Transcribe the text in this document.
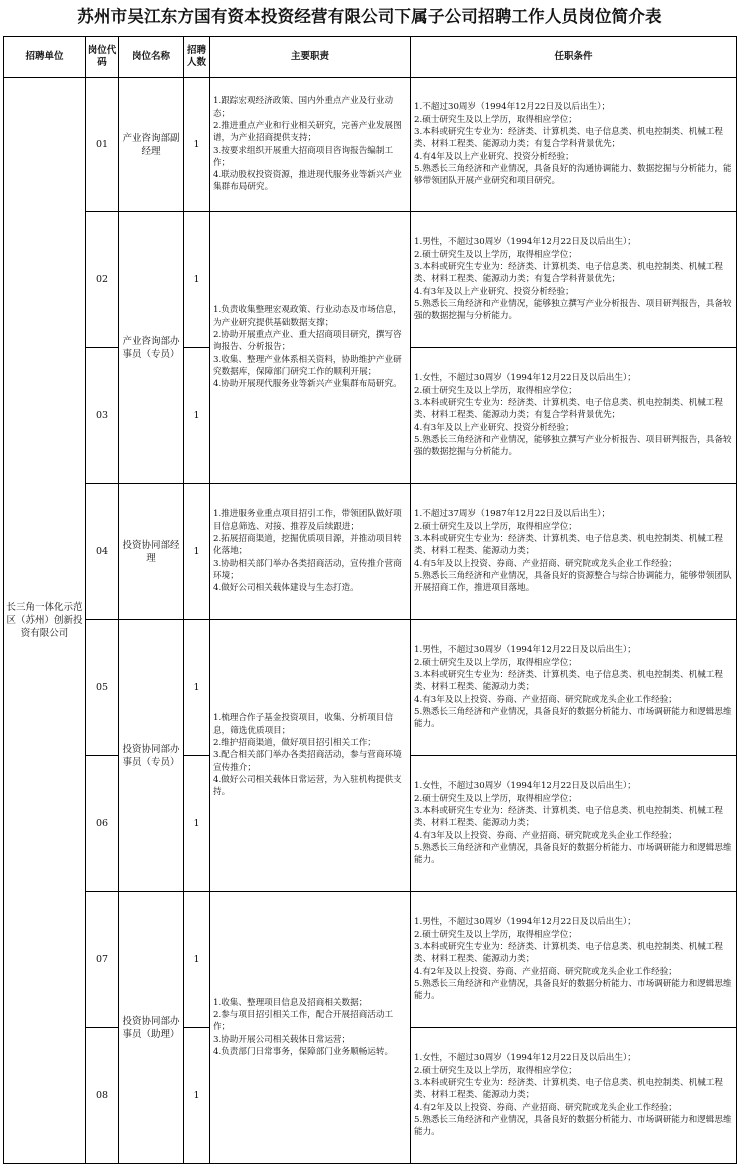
苏州市吴江东方国有资本投资经营有限公司下属子公司招聘工作人员岗位简介表
招聘单位	岗位代码	岗位名称	招聘人数	主要职责	任职条件
长三角一体化示范区（苏州）创新投资有限公司	01	产业咨询部副经理	1	1.跟踪宏观经济政策、国内外重点产业及行业动态；
2.推进重点产业和行业相关研究，完善产业发展图谱，为产业招商提供支持；
3.按要求组织开展重大招商项目咨询报告编制工作；
4.联动股权投资资源，推进现代服务业等新兴产业集群布局研究。	1.不超过30周岁（1994年12月22日及以后出生）；
2.硕士研究生及以上学历，取得相应学位；
3.本科或研究生专业为：经济类、计算机类、电子信息类、机电控制类、机械工程类、材料工程类、能源动力类；有复合学科背景优先；
4.有4年及以上产业研究、投资分析经验；
5.熟悉长三角经济和产业情况，具备良好的沟通协调能力、数据挖掘与分析能力，能够带领团队开展产业研究和项目研究。

	02	产业咨询部办事员（专员）	1	1.负责收集整理宏观政策、行业动态及市场信息，为产业研究提供基础数据支撑；
2.协助开展重点产业、重大招商项目研究，撰写咨询报告、分析报告；
3.收集、整理产业体系相关资料，协助维护产业研究数据库，保障部门研究工作的顺利开展；
4.协助开展现代服务业等新兴产业集群布局研究。	1.男性，不超过30周岁（1994年12月22日及以后出生）；
2.硕士研究生及以上学历，取得相应学位；
3.本科或研究生专业为：经济类、计算机类、电子信息类、机电控制类、机械工程类、材料工程类、能源动力类；有复合学科背景优先；
4.有3年及以上产业研究、投资分析经验；
5.熟悉长三角经济和产业情况，能够独立撰写产业分析报告、项目研判报告，具备较强的数据挖掘与分析能力。

	03		1		1.女性，不超过30周岁（1994年12月22日及以后出生）；
2.硕士研究生及以上学历，取得相应学位；
3.本科或研究生专业为：经济类、计算机类、电子信息类、机电控制类、机械工程类、材料工程类、能源动力类；有复合学科背景优先；
4.有3年及以上产业研究、投资分析经验；
5.熟悉长三角经济和产业情况，能够独立撰写产业分析报告、项目研判报告，具备较强的数据挖掘与分析能力。

	04	投资协同部经理	1	1.推进服务业重点项目招引工作，带领团队做好项目信息筛选、对接、推荐及后续跟进；
2.拓展招商渠道，挖掘优质项目源，并推动项目转化落地；
3.协助相关部门举办各类招商活动，宣传推介营商环境；
4.做好公司相关载体建设与生态打造。	1.不超过37周岁（1987年12月22日及以后出生）；
2.硕士研究生及以上学历，取得相应学位；
3.本科或研究生专业为：经济类、计算机类、电子信息类、机电控制类、机械工程类、材料工程类、能源动力类；
4.有5年及以上投资、券商、产业招商、研究院或龙头企业工作经验；
5.熟悉长三角经济和产业情况，具备良好的资源整合与综合协调能力，能够带领团队开展招商工作，推进项目落地。

	05	投资协同部办事员（专员）	1	1.梳理合作子基金投资项目，收集、分析项目信息，筛选优质项目；
2.维护招商渠道，做好项目招引相关工作；
3.配合相关部门举办各类招商活动，参与营商环境宣传推介；
4.做好公司相关载体日常运营，为入驻机构提供支持。	1.男性，不超过30周岁（1994年12月22日及以后出生）；
2.硕士研究生及以上学历，取得相应学位；
3.本科或研究生专业为：经济类、计算机类、电子信息类、机电控制类、机械工程类、材料工程类、能源动力类；
4.有3年及以上投资、券商、产业招商、研究院或龙头企业工作经验；
5.熟悉长三角经济和产业情况，具备良好的数据分析能力、市场调研能力和逻辑思维能力。

	06		1		1.女性，不超过30周岁（1994年12月22日及以后出生）；
2.硕士研究生及以上学历，取得相应学位；
3.本科或研究生专业为：经济类、计算机类、电子信息类、机电控制类、机械工程类、材料工程类、能源动力类；
4.有3年及以上投资、券商、产业招商、研究院或龙头企业工作经验；
5.熟悉长三角经济和产业情况，具备良好的数据分析能力、市场调研能力和逻辑思维能力。

	07	投资协同部办事员（助理）	1	1.收集、整理项目信息及招商相关数据；
2.参与项目招引相关工作，配合开展招商活动工作；
3.协助开展公司相关载体日常运营；
4.负责部门日常事务，保障部门业务顺畅运转。	1.男性，不超过30周岁（1994年12月22日及以后出生）；
2.硕士研究生及以上学历，取得相应学位；
3.本科或研究生专业为：经济类、计算机类、电子信息类、机电控制类、机械工程类、材料工程类、能源动力类；
4.有2年及以上投资、券商、产业招商、研究院或龙头企业工作经验；
5.熟悉长三角经济和产业情况，具备良好的数据分析能力、市场调研能力和逻辑思维能力。

	08		1		1.女性，不超过30周岁（1994年12月22日及以后出生）；
2.硕士研究生及以上学历，取得相应学位；
3.本科或研究生专业为：经济类、计算机类、电子信息类、机电控制类、机械工程类、材料工程类、能源动力类；
4.有2年及以上投资、券商、产业招商、研究院或龙头企业工作经验；
5.熟悉长三角经济和产业情况，具备良好的数据分析能力、市场调研能力和逻辑思维能力。
